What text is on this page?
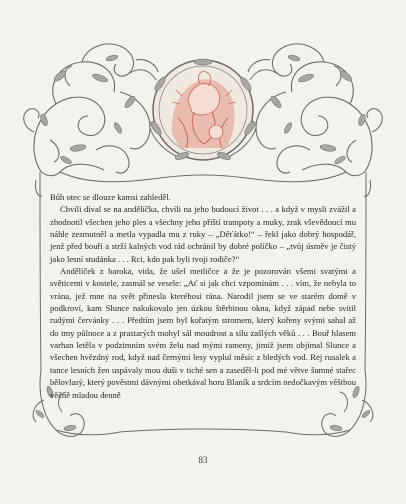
Bůh otec se dlouze kamsi zahleděl.

Chvíli díval se na andělíčka, chvíli na jeho budoucí život . . . a když v mysli zvážil a zhodnotil všechen jeho ples a všechny jeho příští trampoty a muky, zrak vševědoucí mu náhle zesmutněl a metla vypadla mu z ruky – „Děťátko!“ – řekl jako dobrý hospodář, jenž před bouří a strží kalných vod rád ochránil by dobré políčko – „tvůj úsměv je čistý jako lesní studánka . . . Rci, kdo pak byli tvoji rodiče?“

Andělíček z baroka, vida, že ušel metličce a že je pozorován všemi svatými a světicemi v kostele, zasmál se vesele: „Ať si jak chci vzpomínám . . . vím, že nebyla to vrána, jež mne na svět přinesla kteréhosi rána. Narodil jsem se ve starém domě v podkroví, kam Slunce nakukovalo jen úzkou štěrbinou okna, když západ nebe svítil rudými červánky . . . Předtím jsem byl kořatým stromem, který kořeny svými sahal až do tmy půlnoce a z prastarých mohyl sál moudrost a sílu zašlých věků . . . Bouř hlasem varhan letěla v podzimním svém želu nad mými rameny, jimiž jsem objímal Slunce a všechen hvězdný rod, když nad černými lesy vyplul měsíc z bledých vod. Rej rusalek a tance lesních žen uspávaly mou duši v tiché sen a zaseděl-li pod mé větve šumné stařec bělovlasý, který pověstmi dávnými obetkával horu Blaník a srdcím nedočkavým věštbou věčně mladou denně

83
